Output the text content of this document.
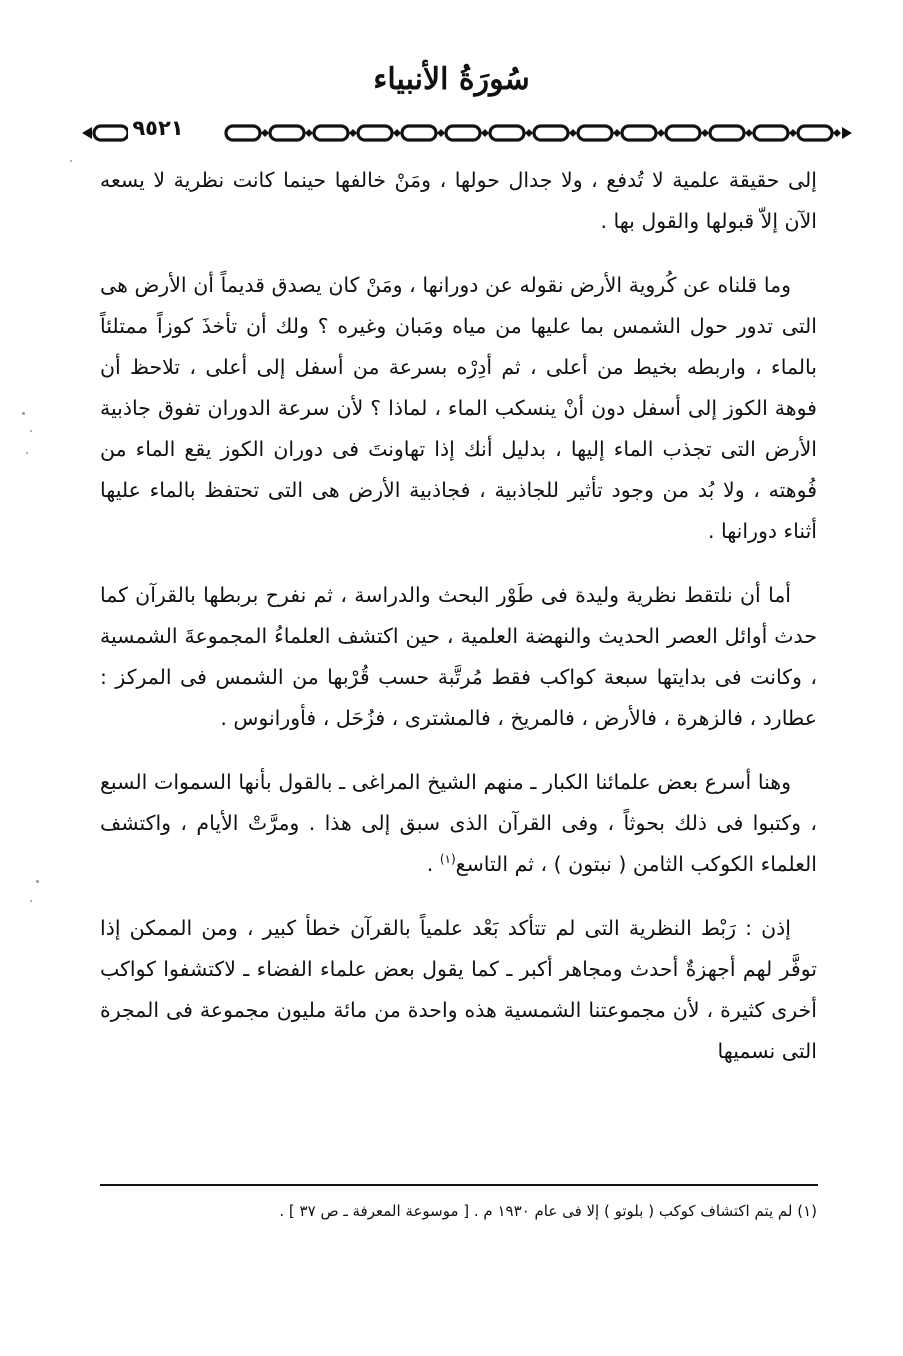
سُورَةُ الأنبياء
٩٥٢١

إلى حقيقة علمية لا تُدفع ، ولا جدال حولها ، ومَنْ خالفها حينما كانت نظرية لا يسعه الآن إلاّ قبولها والقول بها .

وما قلناه عن كُروية الأرض نقوله عن دورانها ، ومَنْ كان يصدق قديماً أن الأرض هى التى تدور حول الشمس بما عليها من مياه ومَبان وغيره ؟ ولك أن تأخذَ كوزاً ممتلئاً بالماء ، واربطه بخيط من أعلى ، ثم أدِرْه بسرعة من أسفل إلى أعلى ، تلاحظ أن فوهة الكوز إلى أسفل دون أنْ ينسكب الماء ، لماذا ؟ لأن سرعة الدوران تفوق جاذبية الأرض التى تجذب الماء إليها ، بدليل أنك إذا تهاونتَ فى دوران الكوز يقع الماء من فُوهته ، ولا بُد من وجود تأثير للجاذبية ، فجاذبية الأرض هى التى تحتفظ بالماء عليها أثناء دورانها .

أما أن نلتقط نظرية وليدة فى طَوْر البحث والدراسة ، ثم نفرح بربطها بالقرآن كما حدث أوائل العصر الحديث والنهضة العلمية ، حين اكتشف العلماءُ المجموعةَ الشمسية ، وكانت فى بدايتها سبعة كواكب فقط مُرتَّبة حسب قُرْبها من الشمس فى المركز : عطارد ، فالزهرة ، فالأرض ، فالمريخ ، فالمشترى ، فزُحَل ، فأورانوس .

وهنا أسرع بعض علمائنا الكبار ـ منهم الشيخ المراغى ـ بالقول بأنها السموات السبع ، وكتبوا فى ذلك بحوثاً ، وفى القرآن الذى سبق إلى هذا . ومرَّتْ الأيام ، واكتشف العلماء الكوكب الثامن ( نبتون ) ، ثم التاسع$^{(١)}$ .

إذن : رَبْط النظرية التى لم تتأكد بَعْد علمياً بالقرآن خطأ كبير ، ومن الممكن إذا توفَّر لهم أجهزةٌ أحدث ومجاهر أكبر ـ كما يقول بعض علماء الفضاء ـ لاكتشفوا كواكب أخرى كثيرة ، لأن مجموعتنا الشمسية هذه واحدة من مائة مليون مجموعة فى المجرة التى نسميها

(١) لم يتم اكتشاف كوكب ( بلوتو ) إلا فى عام ١٩٣٠ م . [ موسوعة المعرفة ـ ص ٣٧ ] .
